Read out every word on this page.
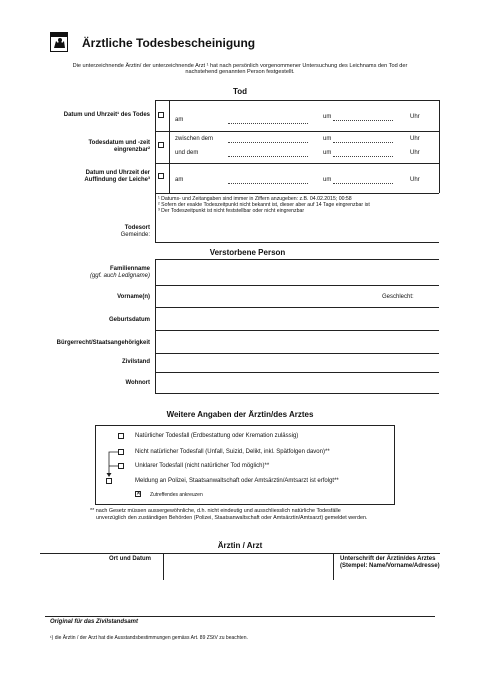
Ärztliche Todesbescheinigung
Die unterzeichnende Ärztin/ der unterzeichnende Arzt ¹ hat nach persönlich vorgenommener Untersuchung des Leichnams den Tod der
nachstehend genannten Person festgestellt.
Tod
Datum und Uhrzeit¹ des Todes
am	um	Uhr
Todesdatum und -zeit
eingrenzbar²
zwischen dem	um	Uhr
und dem	um	Uhr
Datum und Uhrzeit der
Auffindung der Leiche³	am	um	Uhr
¹ Datums- und Zeitangaben sind immer in Ziffern anzugeben: z.B. 04.02.2015; 00:58
² Sofern der exakte Todeszeitpunkt nicht bekannt ist, dieser aber auf 14 Tage eingrenzbar ist
³ Der Todeszeitpunkt ist nicht feststellbar oder nicht eingrenzbar
Todesort
Gemeinde:
Verstorbene Person
Familienname
(ggf. auch Ledigname)
Vorname(n)	Geschlecht:
Geburtsdatum
Bürgerrecht/Staatsangehörigkeit
Zivilstand
Wohnort
Weitere Angaben der Ärztin/des Arztes
Natürlicher Todesfall (Erdbestattung oder Kremation zulässig)
Nicht natürlicher Todesfall (Unfall, Suizid, Delikt, inkl. Spätfolgen davon)**
Unklarer Todesfall (nicht natürlicher Tod möglich)**
Meldung an Polizei, Staatsanwaltschaft oder Amtsärztin/Amtsarzt ist erfolgt**
✕ Zutreffendes ankreuzen
** nach Gesetz müssen aussergewöhnliche, d.h. nicht eindeutig und ausschliesslich natürliche Todesfälle
unverzüglich den zuständigen Behörden (Polizei, Staatsanwaltschaft oder Amtsärztin/Amtsarzt) gemeldet werden.
Ärztin / Arzt
Ort und Datum	Unterschrift der Ärztin/des Arztes
(Stempel: Name/Vorname/Adresse)
Original für das Zivilstandsamt
¹) die Ärztin / der Arzt hat die Ausstandsbestimmungen gemäss Art. 89 ZStV zu beachten.
